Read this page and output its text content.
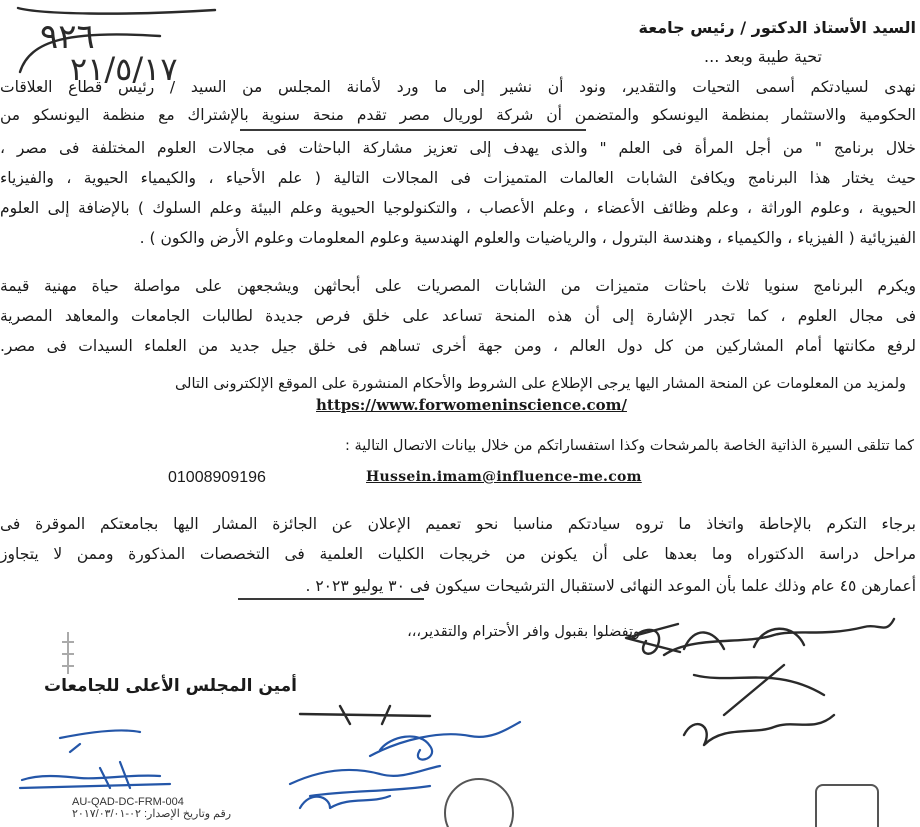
٩٢٦
٢١/٥/١٧
السيد الأستاذ الدكتور / رئيس جامعة
تحية طيبة وبعد ...
نهدى لسيادتكم أسمى التحيات والتقدير، ونود أن نشير إلى ما ورد لأمانة المجلس من السيد / رئيس قطاع العلاقات
الحكومية والاستثمار بمنظمة اليونسكو والمتضمن أن شركة لوريال مصر تقدم منحة سنوية بالإشتراك مع منظمة اليونسكو من
خلال برنامج " من أجل المرأة فى العلم " والذى يهدف إلى تعزيز مشاركة الباحثات فى مجالات العلوم المختلفة فى مصر ،
حيث يختار هذا البرنامج ويكافئ الشابات العالمات المتميزات فى المجالات التالية ( علم الأحياء ، والكيمياء الحيوية ، والفيزياء
الحيوية ، وعلوم الوراثة ، وعلم وظائف الأعضاء ، وعلم الأعصاب ، والتكنولوجيا الحيوية وعلم البيئة وعلم السلوك ) بالإضافة إلى العلوم
الفيزيائية ( الفيزياء ، والكيمياء ، وهندسة البترول ، والرياضيات والعلوم الهندسية وعلوم المعلومات وعلوم الأرض والكون ) .
ويكرم البرنامج سنويا ثلاث باحثات متميزات من الشابات المصريات على أبحاثهن ويشجعهن على مواصلة حياة مهنية قيمة
فى مجال العلوم ، كما تجدر الإشارة إلى أن هذه المنحة تساعد على خلق فرص جديدة لطالبات الجامعات والمعاهد المصرية
لرفع مكانتها أمام المشاركين من كل دول العالم ، ومن جهة أخرى تساهم فى خلق جيل جديد من العلماء السيدات فى مصر.
ولمزيد من المعلومات عن المنحة المشار اليها يرجى الإطلاع على الشروط والأحكام المنشورة على الموقع الإلكترونى التالى
https://www.forwomeninscience.com/
كما تتلقى السيرة الذاتية الخاصة بالمرشحات وكذا استفساراتكم من خلال بيانات الاتصال التالية :
01008909196	Hussein.imam@influence-me.com
برجاء التكرم بالإحاطة واتخاذ ما تروه سيادتكم مناسبا نحو تعميم الإعلان عن الجائزة المشار اليها بجامعتكم الموقرة فى
مراحل دراسة الدكتوراه وما بعدها على أن يكونن من خريجات الكليات العلمية فى التخصصات المذكورة وممن لا يتجاوز
أعمارهن ٤٥ عام وذلك علما بأن الموعد النهائى لاستقبال الترشيحات سيكون فى ٣٠ يوليو ٢٠٢٣ .
وتفضلوا بقبول وافر الأحترام والتقدير،،،
أمين المجلس الأعلى للجامعات
AU-QAD-DC-FRM-004
رقم وتاريخ الإصدار: ٠٢-٢٠١٧/٠٣/٠١
